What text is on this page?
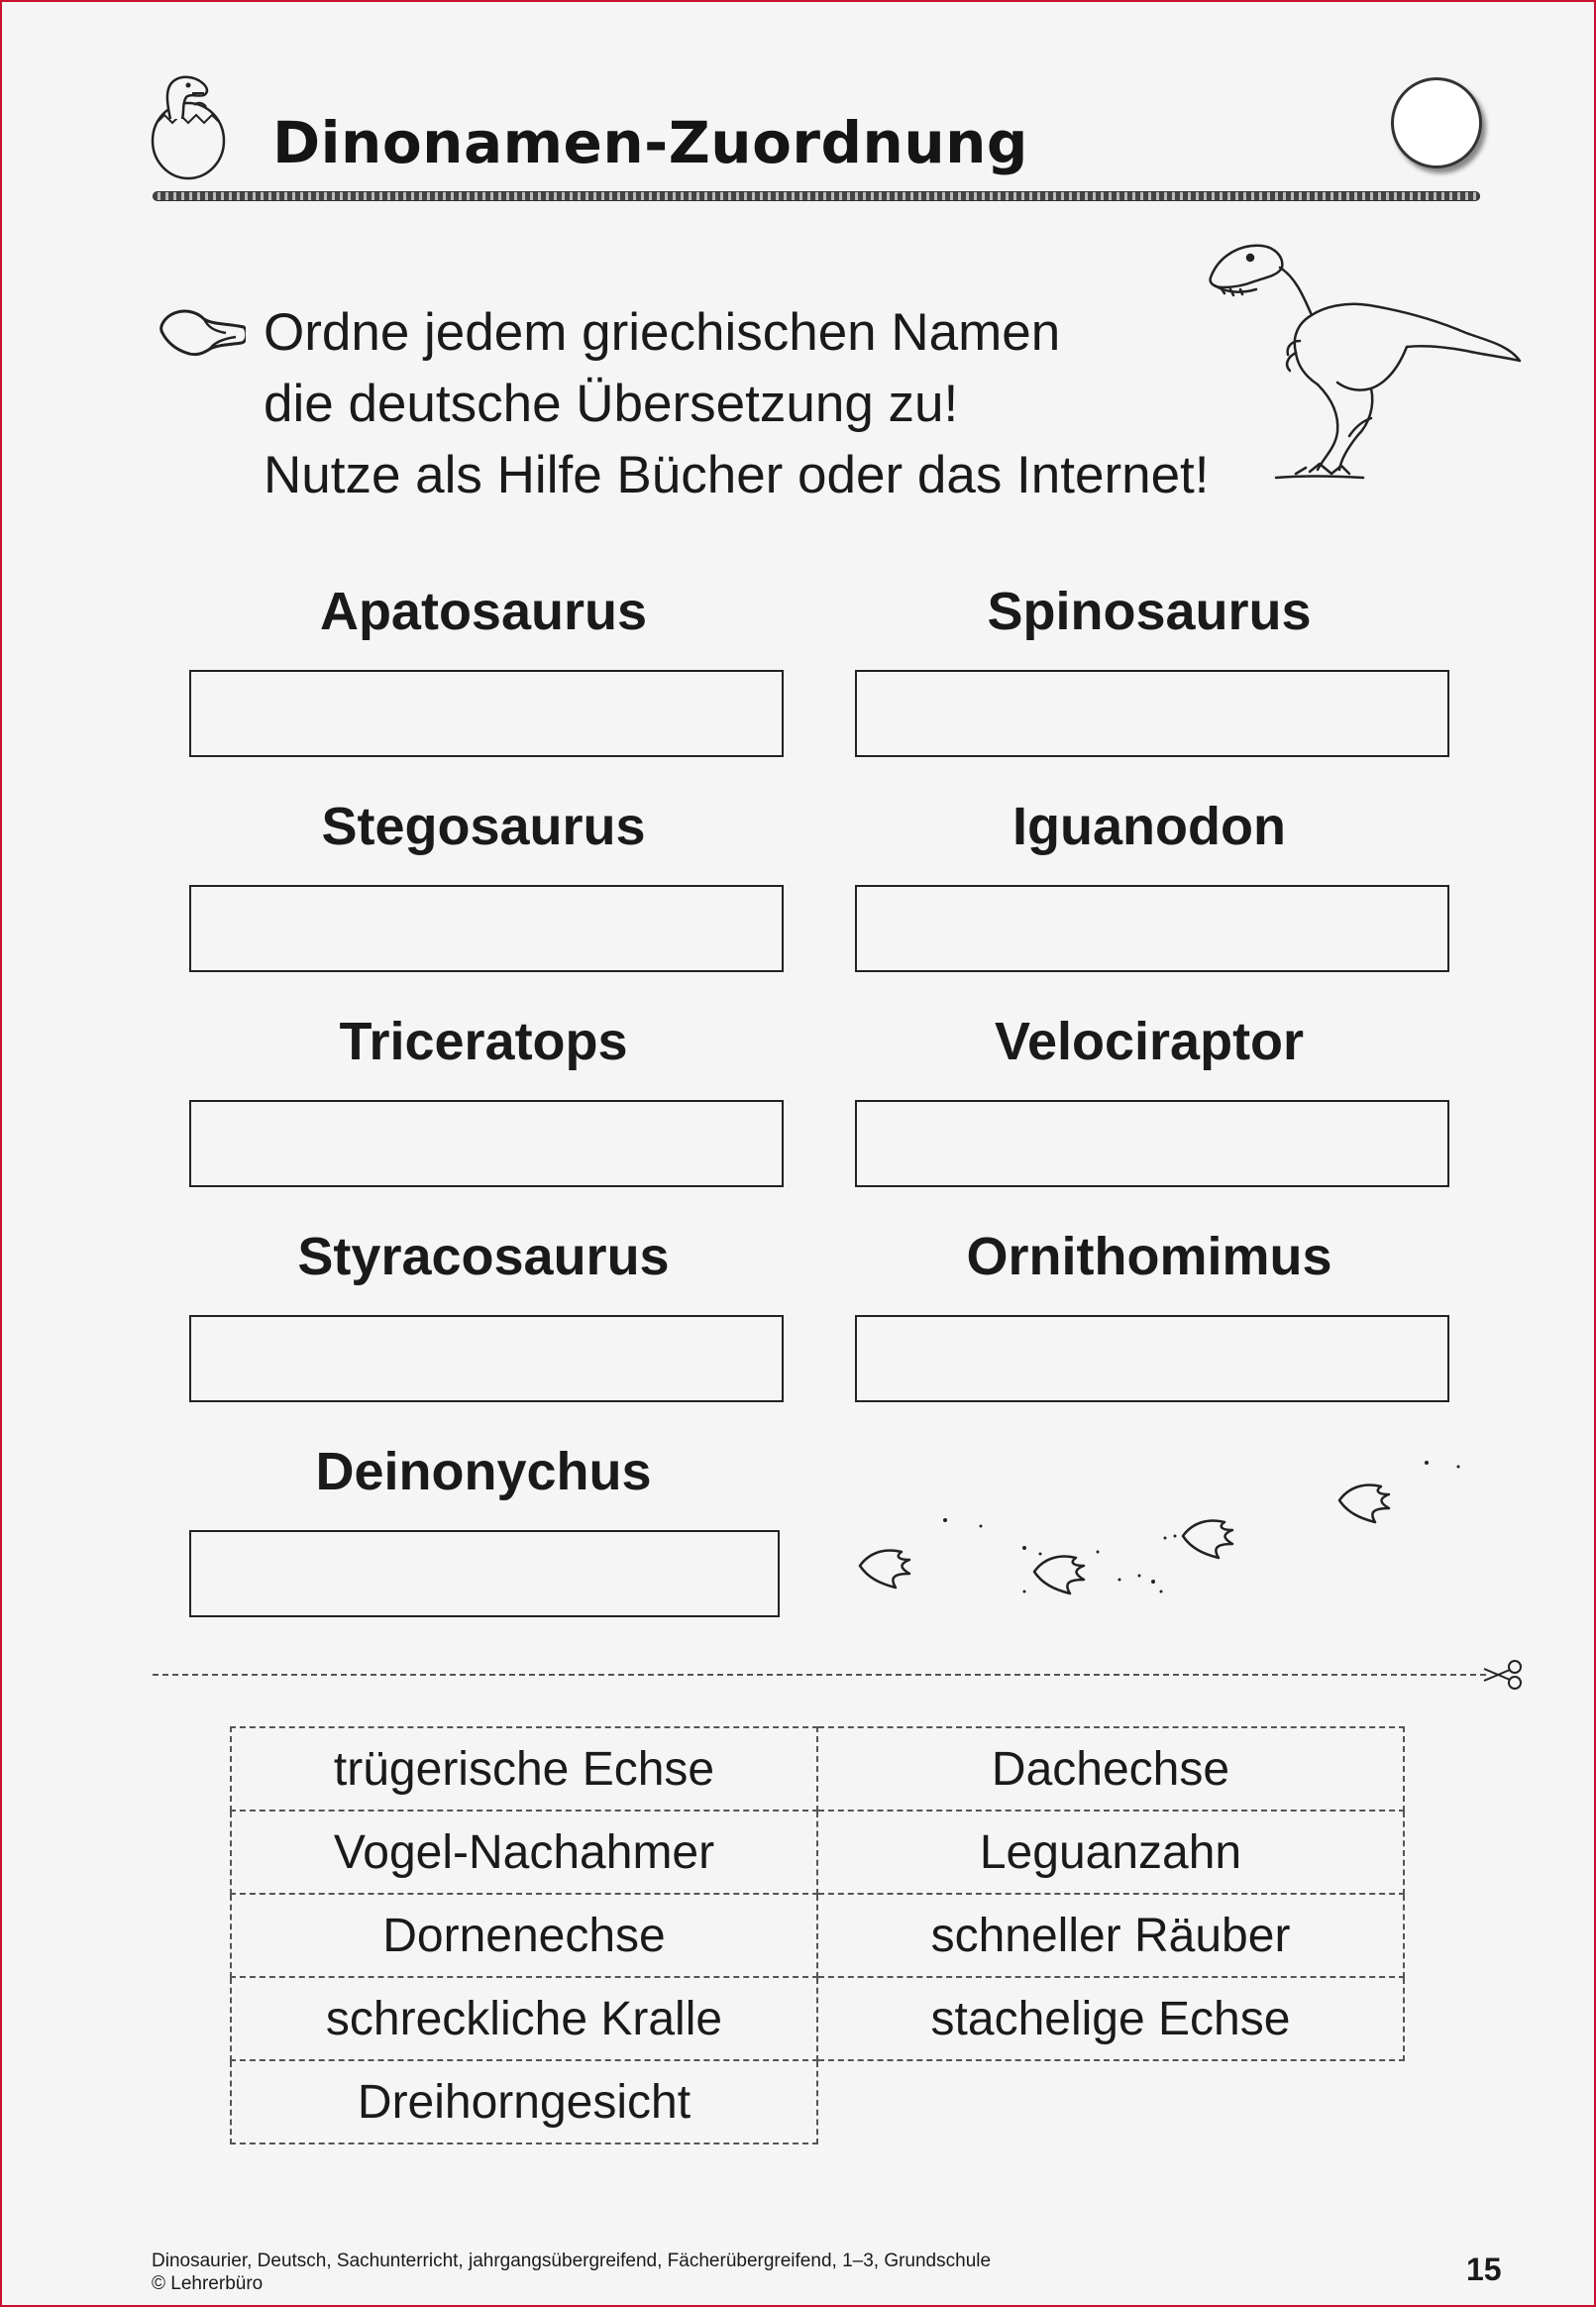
Dinonamen-Zuordnung
Ordne jedem griechischen Namen
die deutsche Übersetzung zu!
Nutze als Hilfe Bücher oder das Internet!
Apatosaurus	Spinosaurus
Stegosaurus	Iguanodon
Triceratops	Velociraptor
Styracosaurus	Ornithomimus
Deinonychus
trügerische Echse	Dachechse
Vogel-Nachahmer	Leguanzahn
Dornenechse	schneller Räuber
schreckliche Kralle	stachelige Echse
Dreihorngesicht	
Dinosaurier, Deutsch, Sachunterricht, jahrgangsübergreifend, Fächerübergreifend, 1–3, Grundschule
© Lehrerbüro	15
